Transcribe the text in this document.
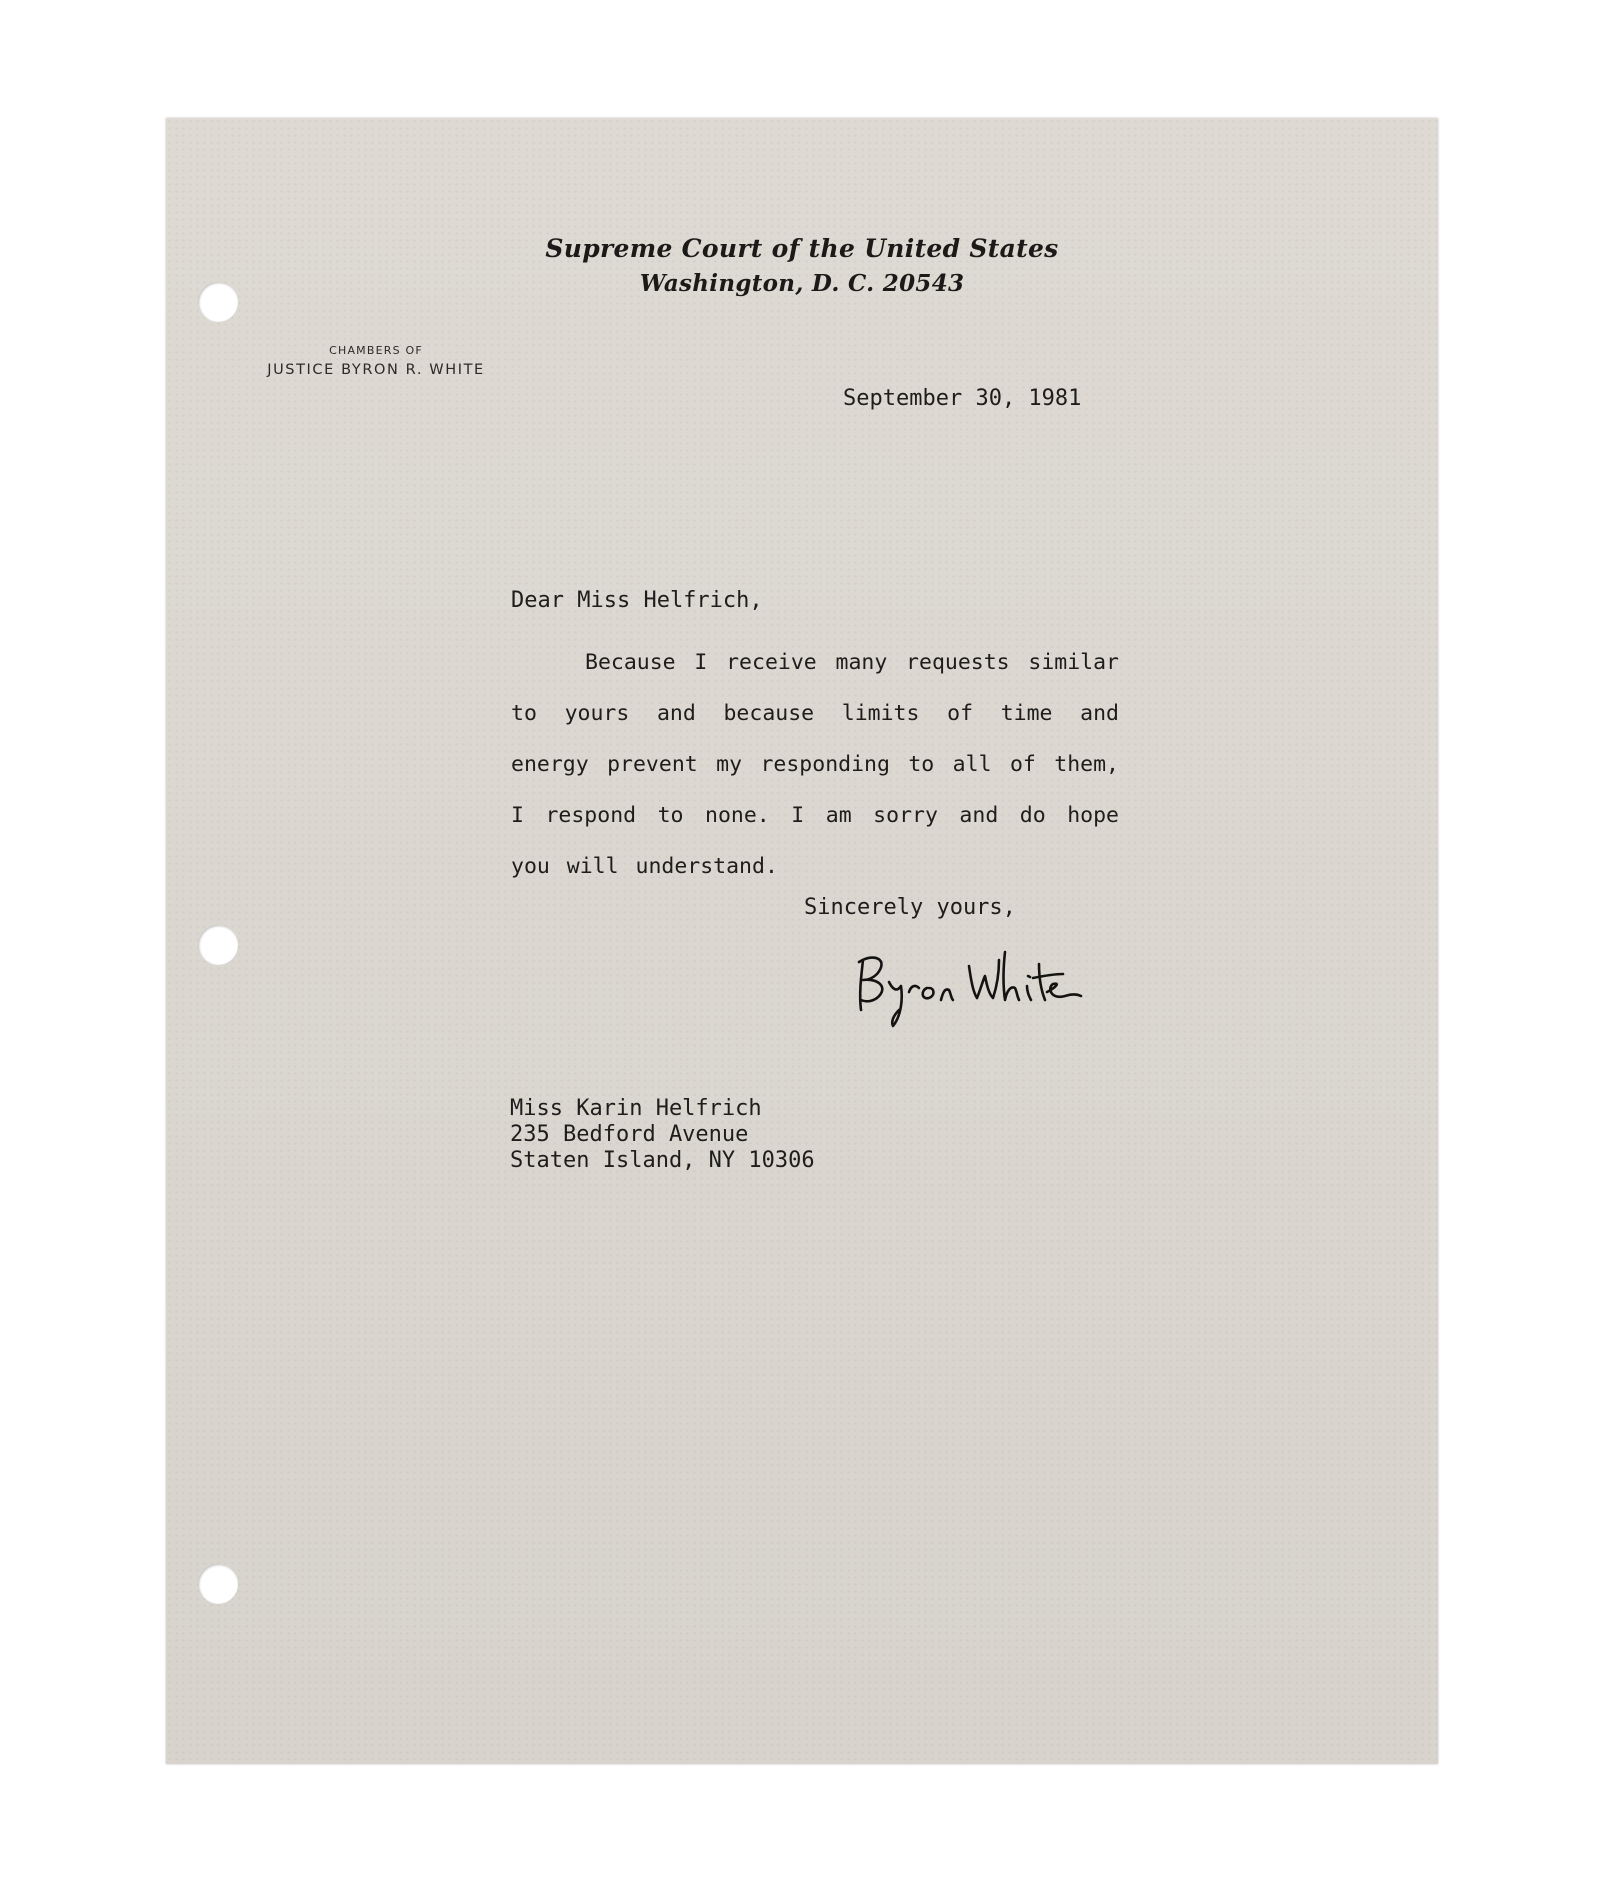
Supreme Court of the United States
Washington, D. C. 20543
CHAMBERS OF
JUSTICE BYRON R. WHITE
September 30, 1981
Dear Miss Helfrich,
Because I receive many requests similar to yours and because limits of time and energy prevent my responding to all of them, I respond to none. I am sorry and do hope you will understand.
Sincerely yours,
Miss Karin Helfrich
235 Bedford Avenue
Staten Island, NY 10306
